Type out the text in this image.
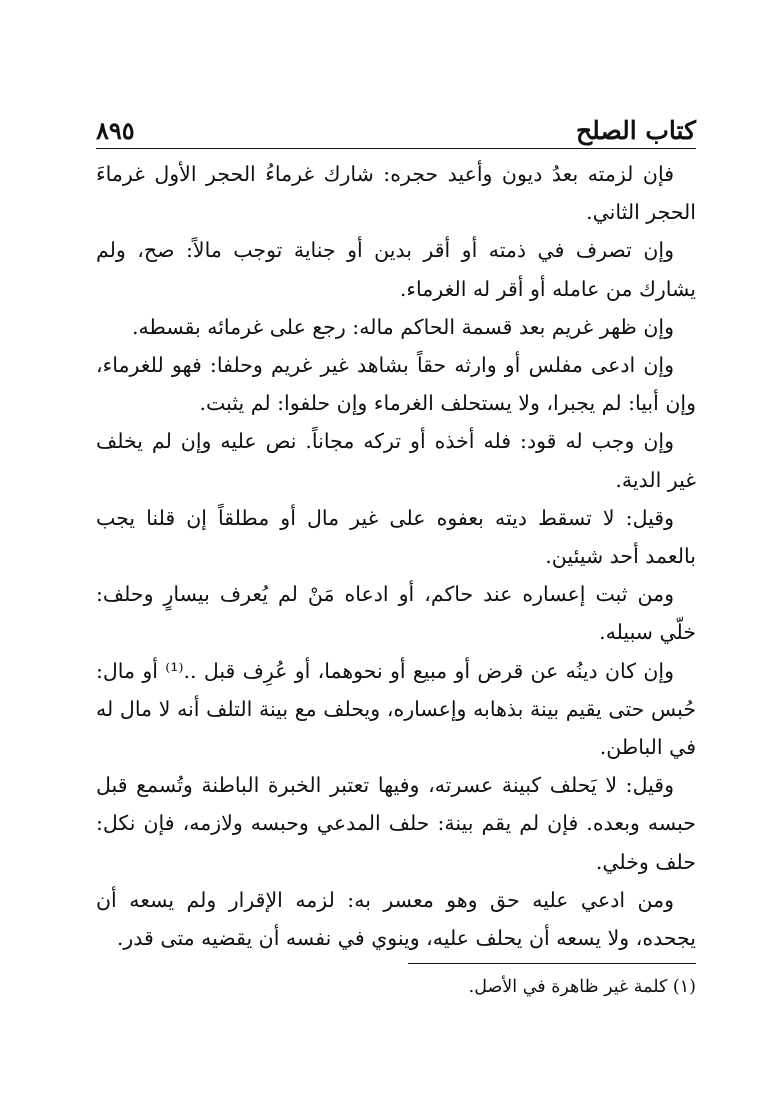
كتاب الصلح
٨٩٥

فإن لزمته بعدُ ديون وأعيد حجره: شارك غرماءُ الحجر الأول غرماءَ الحجر الثاني.

وإن تصرف في ذمته أو أقر بدين أو جناية توجب مالاً: صح، ولم يشارك من عامله أو أقر له الغرماء.

وإن ظهر غريم بعد قسمة الحاكم ماله: رجع على غرمائه بقسطه.

وإن ادعى مفلس أو وارثه حقاً بشاهد غير غريم وحلفا: فهو للغرماء، وإن أبيا: لم يجبرا، ولا يستحلف الغرماء وإن حلفوا: لم يثبت.

وإن وجب له قود: فله أخذه أو تركه مجاناً. نص عليه وإن لم يخلف غير الدية.

وقيل: لا تسقط ديته بعفوه على غير مال أو مطلقاً إن قلنا يجب بالعمد أحد شيئين.

ومن ثبت إعساره عند حاكم، أو ادعاه مَنْ لم يُعرف بيسارٍ وحلف: خلّي سبيله.

وإن كان دينُه عن قرض أو مبيع أو نحوهما، أو عُرِف قبل ..⁽¹⁾ أو مال: حُبس حتى يقيم بينة بذهابه وإعساره، ويحلف مع بينة التلف أنه لا مال له في الباطن.

وقيل: لا يَحلف كبينة عسرته، وفيها تعتبر الخبرة الباطنة وتُسمع قبل حبسه وبعده. فإن لم يقم بينة: حلف المدعي وحبسه ولازمه، فإن نكل: حلف وخلي.

ومن ادعي عليه حق وهو معسر به: لزمه الإقرار ولم يسعه أن يجحده، ولا يسعه أن يحلف عليه، وينوي في نفسه أن يقضيه متى قدر.

(١) كلمة غير ظاهرة في الأصل.
